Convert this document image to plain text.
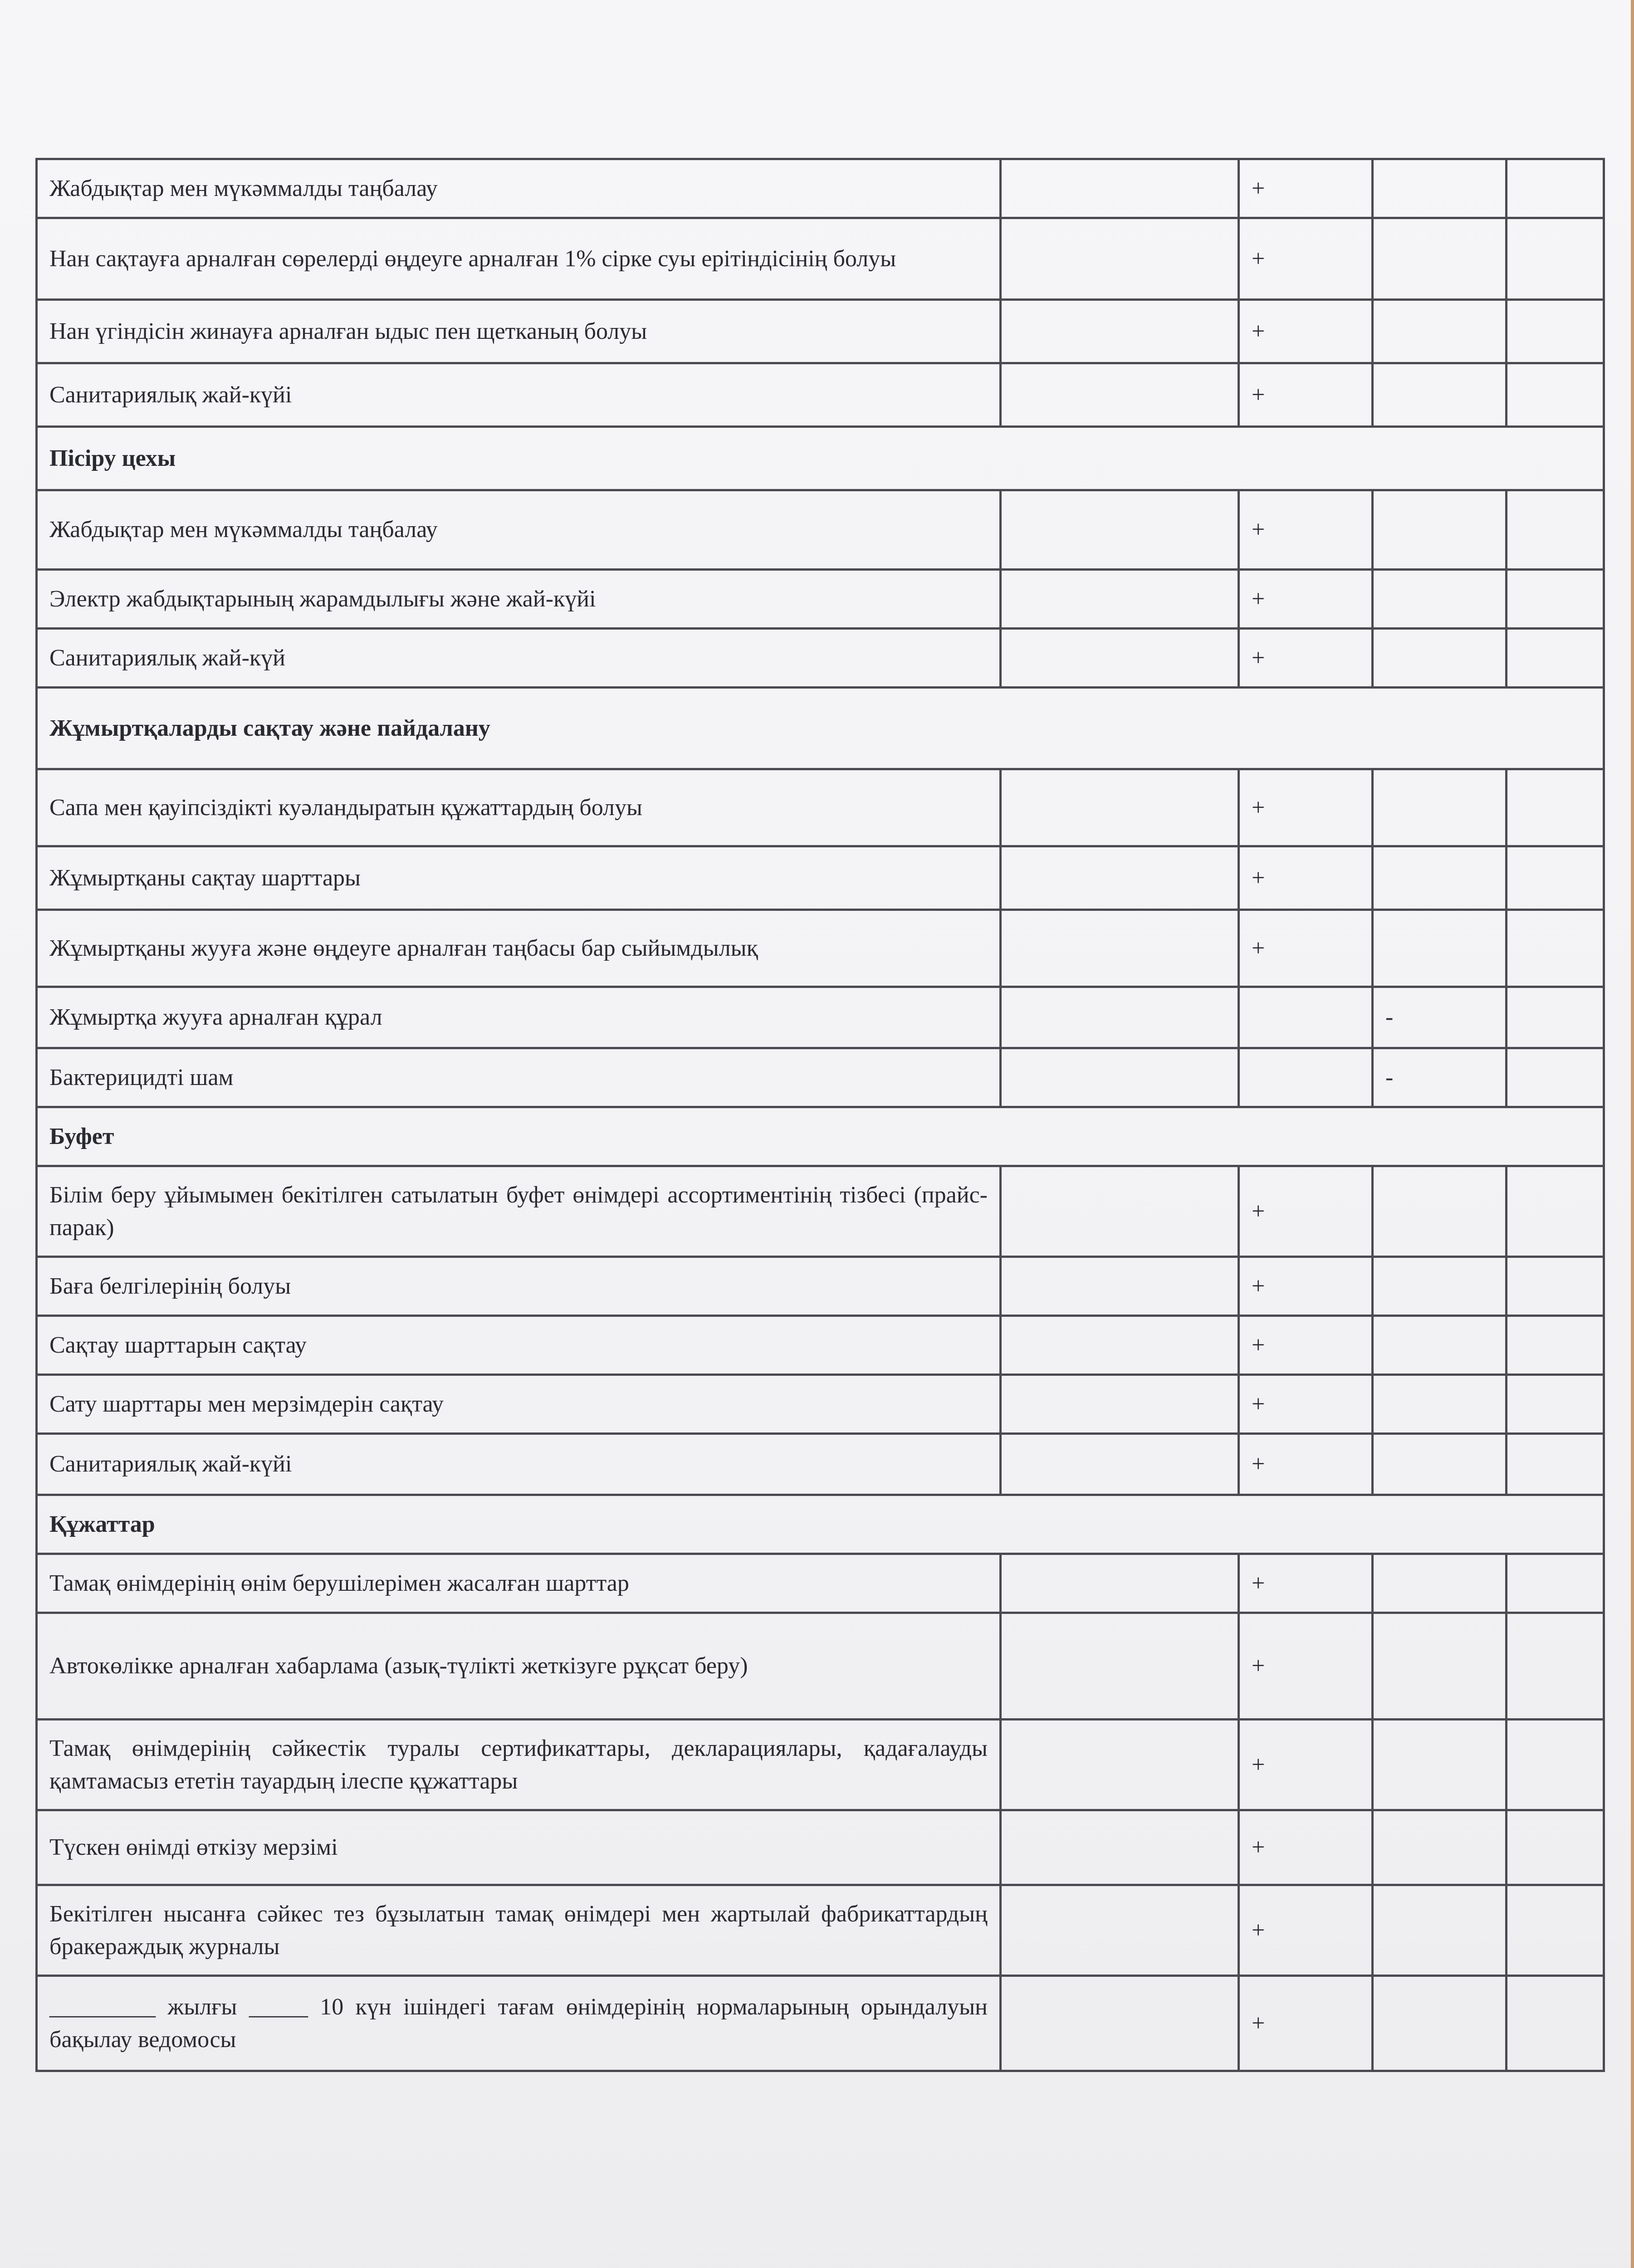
Жабдықтар мен мүкәммалды таңбалау		+		
Нан сақтауға арналған сөрелерді өңдеуге арналған 1% сірке суы ерітіндісінің болуы		+		
Нан үгіндісін жинауға арналған ыдыс пен щетканың болуы		+		
Санитариялық жай-күйі		+		
Пісіру цехы				
Жабдықтар мен мүкәммалды таңбалау		+		
Электр жабдықтарының жарамдылығы және жай-күйі		+		
Санитариялық жай-күй		+		
Жұмыртқаларды сақтау және пайдалану				
Сапа мен қауіпсіздікті куәландыратын құжаттардың болуы		+		
Жұмыртқаны сақтау шарттары		+		
Жұмыртқаны жууға және өңдеуге арналған таңбасы бар сыйымдылық		+		
Жұмыртқа жууға арналған құрал			-	
Бактерицидті шам			-	
Буфет				
Білім беру ұйымымен бекітілген сатылатын буфет өнімдері ассортиментінің тізбесі (прайс-парак)		+		
Баға белгілерінің болуы		+		
Сақтау шарттарын сақтау		+		
Сату шарттары мен мерзімдерін сақтау		+		
Санитариялық жай-күйі		+		
Құжаттар				
Тамақ өнімдерінің өнім берушілерімен жасалған шарттар		+		
Автокөлікке арналған хабарлама (азық-түлікті жеткізуге рұқсат беру)		+		
Тамақ өнімдерінің сәйкестік туралы сертификаттары, декларациялары, қадағалауды қамтамасыз ететін тауардың ілеспе құжаттары		+		
Түскен өнімді өткізу мерзімі		+		
Бекітілген нысанға сәйкес тез бұзылатын тамақ өнімдері мен жартылай фабрикаттардың бракераждық журналы		+		
_________ жылғы _____ 10 күн ішіндегі тағам өнімдерінің нормаларының орындалуын бақылау ведомосы		+		
